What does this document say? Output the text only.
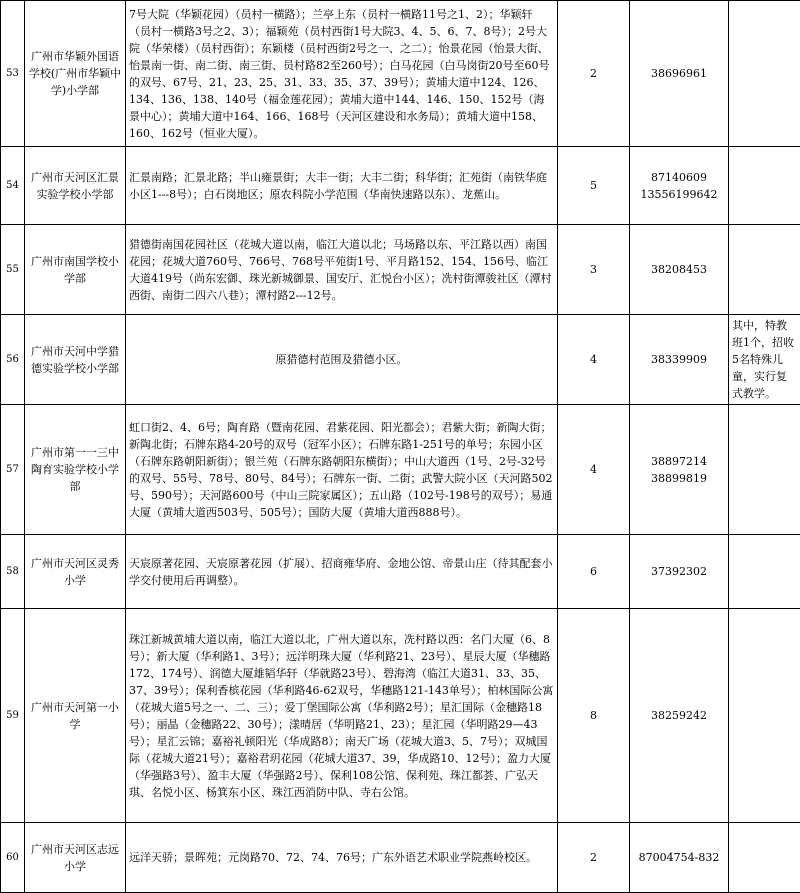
53	广州市华颖外国语学校(广州市华颖中学)小学部	7号大院（华颖花园）（员村一横路）；兰亭上东（员村一横路11号之1、2）；华颖轩（员村一横路3号之2、3）；福颖苑（员村西街1号大院3、4、5、6、7、8号）；2号大院（华荣楼）（员村西街）；东颖楼（员村西街2号之一、之二）；怡景花园（怡景大街、怡景南一街、南二街、南三街、员村路82至260号）；白马花园（白马岗街20号至60号的双号、67号、21、23、25、31、33、35、37、39号）；黄埔大道中124、126、134、136、138、140号（福金莲花园）；黄埔大道中144、146、150、152号（海景中心）；黄埔大道中164、166、168号（天河区建设和水务局）；黄埔大道中158、160、162号（恒业大厦）。	2	38696961	

54	广州市天河区汇景实验学校小学部	汇景南路；汇景北路；半山雍景街；大丰一街；大丰二街；科华街；汇苑街（南铁华庭小区1---8号）；白石岗地区；原农科院小学范围（华南快速路以东）、龙蕉山。	5	87140609
13556199642	

55	广州市南国学校小学部	猎德街南国花园社区（花城大道以南，临江大道以北；马场路以东、平江路以西）南国花园；花城大道760号、766号、768号平苑街1号、平月路152、154、156号、临江大道419号（尚东宏御、珠光新城御景、国安厅、汇悦台小区）；冼村街潭骏社区（潭村西街、南街二四六八巷）；潭村路2---12号。	3	38208453	

56	广州市天河中学猎德实验学校小学部	原猎德村范围及猎德小区。	4	38339909	其中，特教班1个，招收5名特殊儿童，实行复式教学。
57	广州市第一一三中陶育实验学校小学部	虹口街2、4、6号；陶育路（暨南花园、君紫花园、阳光都会）；君紫大街；新陶大街；新陶北街；石牌东路4-20号的双号（冠军小区）；石牌东路1-251号的单号；东园小区（石牌东路朝阳新街）；银兰苑（石牌东路朝阳东横街）；中山大道西（1号、2号-32号的双号、55号、78号、80号、84号）；石牌东一街、二街；武警大院小区（天河路502号、590号）；天河路600号（中山三院家属区）；五山路（102号-198号的双号）；易通大厦（黄埔大道西503号、505号）；国防大厦（黄埔大道西888号）。	4	38897214
38899819	

58	广州市天河区灵秀小学	天宸原著花园、天宸原著花园（扩展）、招商雍华府、金地公馆、帝景山庄（待其配套小学交付使用后再调整）。	6	37392302	

59	广州市天河第一小学	珠江新城黄埔大道以南，临江大道以北，广州大道以东，冼村路以西：名门大厦（6、8号）；新大厦（华利路1、3号）；远洋明珠大厦（华利路21、23号）、星辰大厦（华穗路172、174号）、润德大厦雄韬华轩（华就路23号）、碧海湾（临江大道31、33、35、37、39号）；保利香槟花园（华利路46-62双号，华穗路121-143单号）；柏林国际公寓（花城大道5号之一、二、三）；爱丁堡国际公寓（华利路2号）；星汇国际（金穗路18号）；丽晶（金穗路22、30号）；漾晴居（华明路21、23）；星汇园（华明路29—43号）；星汇云锦；嘉裕礼顿阳光（华成路8）；南天广场（花城大道3、5、7号）；双城国际（花城大道21号）；嘉裕君玥花园（花城大道37、39，华成路10、12号）；盈力大厦（华强路3号）、盈丰大厦（华强路2号）、保利108公馆、保利苑、珠江都荟、广弘天琪、名悦小区、杨箕东小区、珠江西消防中队、寺右公馆。	8	38259242	

60	广州市天河区志远小学	远洋天骄；景晖苑；元岗路70、72、74、76号；广东外语艺术职业学院燕岭校区。	2	87004754-832	
